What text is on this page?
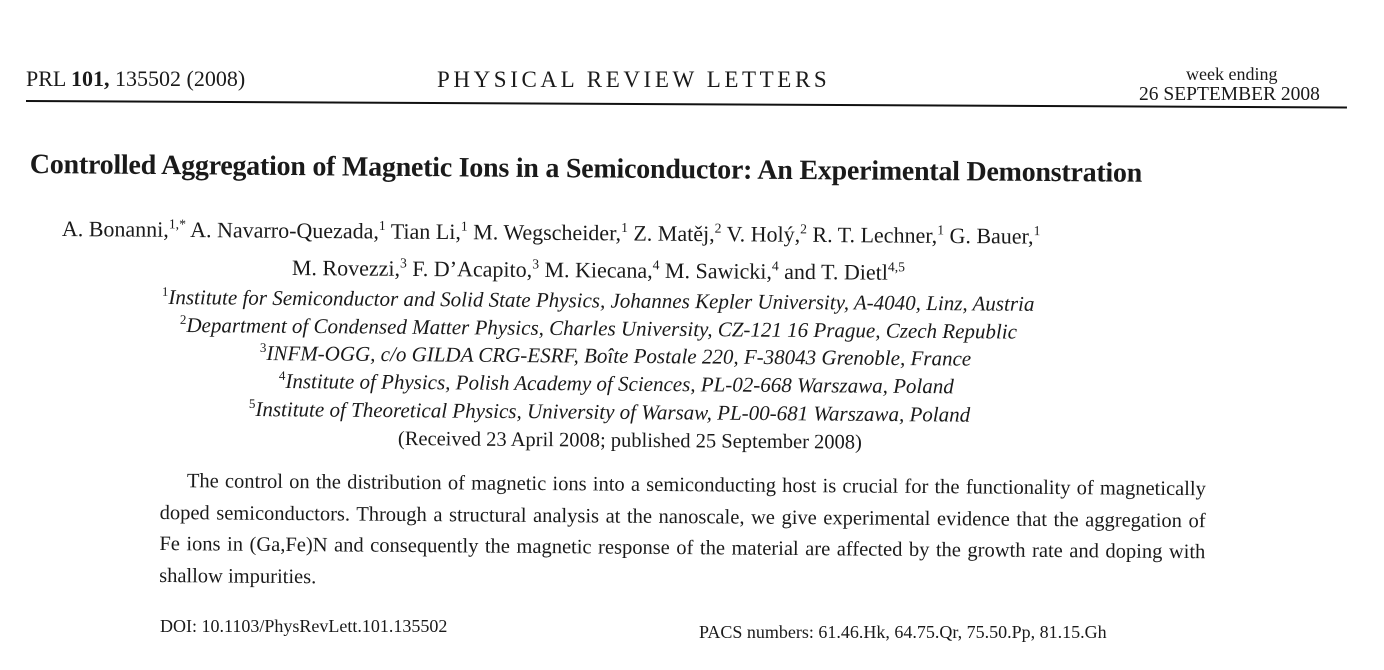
PRL 101, 135502 (2008)	PHYSICAL REVIEW LETTERS	week ending
26 SEPTEMBER 2008
Controlled Aggregation of Magnetic Ions in a Semiconductor: An Experimental Demonstration
A. Bonanni,$^{1,*}$ A. Navarro-Quezada,$^1$ Tian Li,$^1$ M. Wegscheider,$^1$ Z. Matěj,$^2$ V. Holý,$^2$ R. T. Lechner,$^1$ G. Bauer,$^1$
M. Rovezzi,$^3$ F. D’Acapito,$^3$ M. Kiecana,$^4$ M. Sawicki,$^4$ and T. Dietl$^{4,5}$
$^1$Institute for Semiconductor and Solid State Physics, Johannes Kepler University, A-4040, Linz, Austria
$^2$Department of Condensed Matter Physics, Charles University, CZ-121 16 Prague, Czech Republic
$^3$INFM-OGG, c/o GILDA CRG-ESRF, Boîte Postale 220, F-38043 Grenoble, France
$^4$Institute of Physics, Polish Academy of Sciences, PL-02-668 Warszawa, Poland
$^5$Institute of Theoretical Physics, University of Warsaw, PL-00-681 Warszawa, Poland
(Received 23 April 2008; published 25 September 2008)
The control on the distribution of magnetic ions into a semiconducting host is crucial for the functionality of magnetically doped semiconductors. Through a structural analysis at the nanoscale, we give experimental evidence that the aggregation of Fe ions in (Ga,Fe)N and consequently the magnetic response of the material are affected by the growth rate and doping with shallow impurities.
DOI: 10.1103/PhysRevLett.101.135502	PACS numbers: 61.46.Hk, 64.75.Qr, 75.50.Pp, 81.15.Gh
